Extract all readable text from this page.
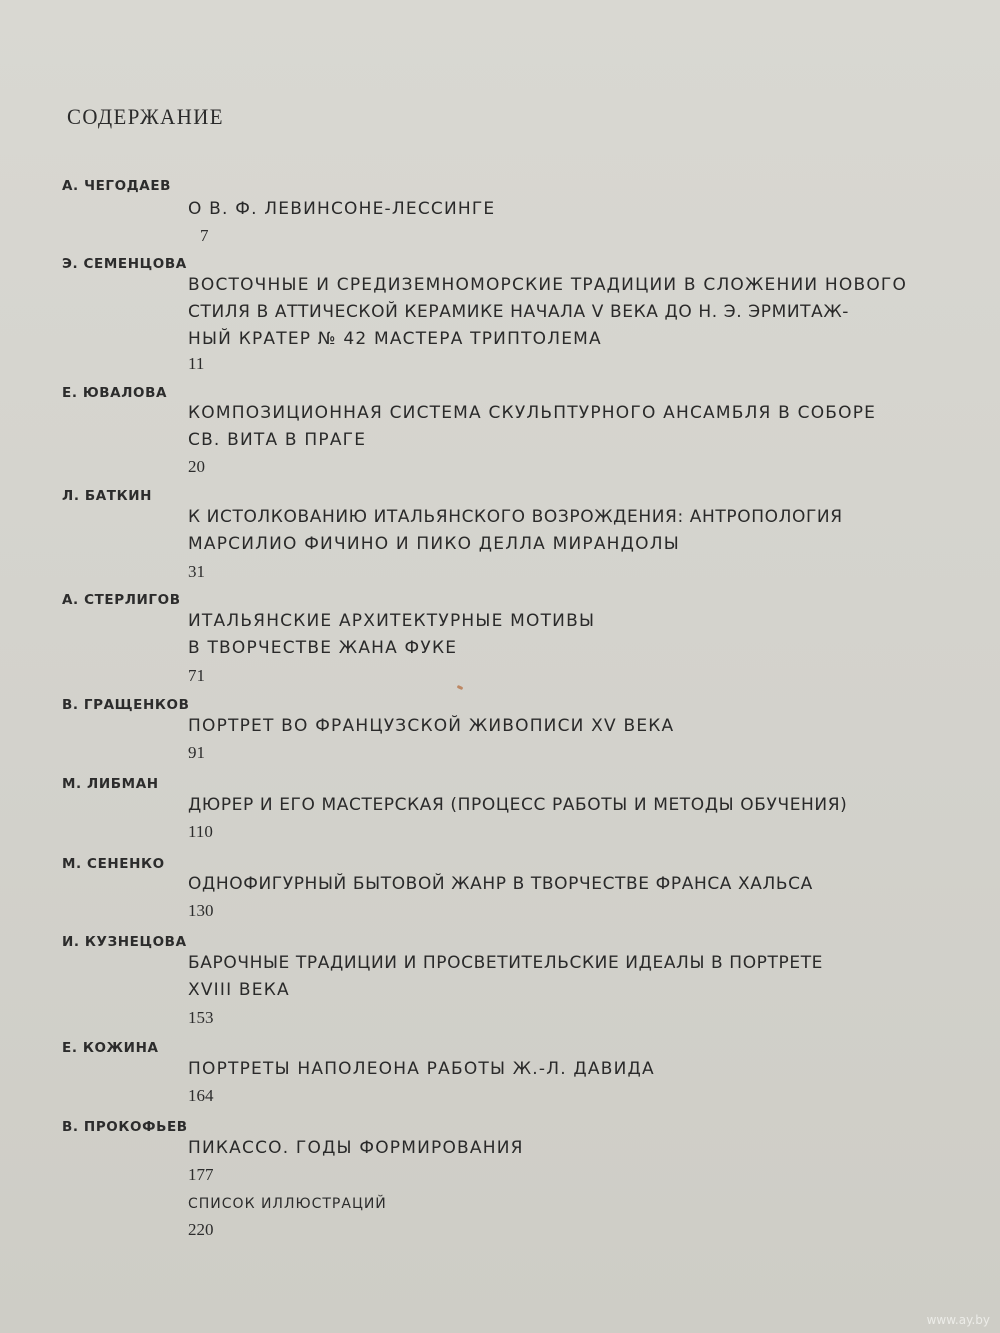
СОДЕРЖАНИЕ
А. ЧЕГОДАЕВ
О В. Ф. ЛЕВИНСОНЕ-ЛЕССИНГЕ
7
Э. СЕМЕНЦОВА
ВОСТОЧНЫЕ И СРЕДИЗЕМНОМОРСКИЕ ТРАДИЦИИ В СЛОЖЕНИИ НОВОГО
СТИЛЯ В АТТИЧЕСКОЙ КЕРАМИКЕ НАЧАЛА V ВЕКА ДО Н. Э. ЭРМИТАЖ-
НЫЙ КРАТЕР № 42 МАСТЕРА ТРИПТОЛЕМА
11
Е. ЮВАЛОВА
КОМПОЗИЦИОННАЯ СИСТЕМА СКУЛЬПТУРНОГО АНСАМБЛЯ В СОБОРЕ
СВ. ВИТА В ПРАГЕ
20
Л. БАТКИН
К ИСТОЛКОВАНИЮ ИТАЛЬЯНСКОГО ВОЗРОЖДЕНИЯ: АНТРОПОЛОГИЯ
МАРСИЛИО ФИЧИНО И ПИКО ДЕЛЛА МИРАНДОЛЫ
31
А. СТЕРЛИГОВ
ИТАЛЬЯНСКИЕ АРХИТЕКТУРНЫЕ МОТИВЫ
В ТВОРЧЕСТВЕ ЖАНА ФУКЕ
71
В. ГРАЩЕНКОВ
ПОРТРЕТ ВО ФРАНЦУЗСКОЙ ЖИВОПИСИ XV ВЕКА
91
М. ЛИБМАН
ДЮРЕР И ЕГО МАСТЕРСКАЯ (ПРОЦЕСС РАБОТЫ И МЕТОДЫ ОБУЧЕНИЯ)
110
М. СЕНЕНКО
ОДНОФИГУРНЫЙ БЫТОВОЙ ЖАНР В ТВОРЧЕСТВЕ ФРАНСА ХАЛЬСА
130
И. КУЗНЕЦОВА
БАРОЧНЫЕ ТРАДИЦИИ И ПРОСВЕТИТЕЛЬСКИЕ ИДЕАЛЫ В ПОРТРЕТЕ
XVIII ВЕКА
153
Е. КОЖИНА
ПОРТРЕТЫ НАПОЛЕОНА РАБОТЫ Ж.-Л. ДАВИДА
164
В. ПРОКОФЬЕВ
ПИКАССО. ГОДЫ ФОРМИРОВАНИЯ
177
СПИСОК ИЛЛЮСТРАЦИЙ
220
www.ay.by
